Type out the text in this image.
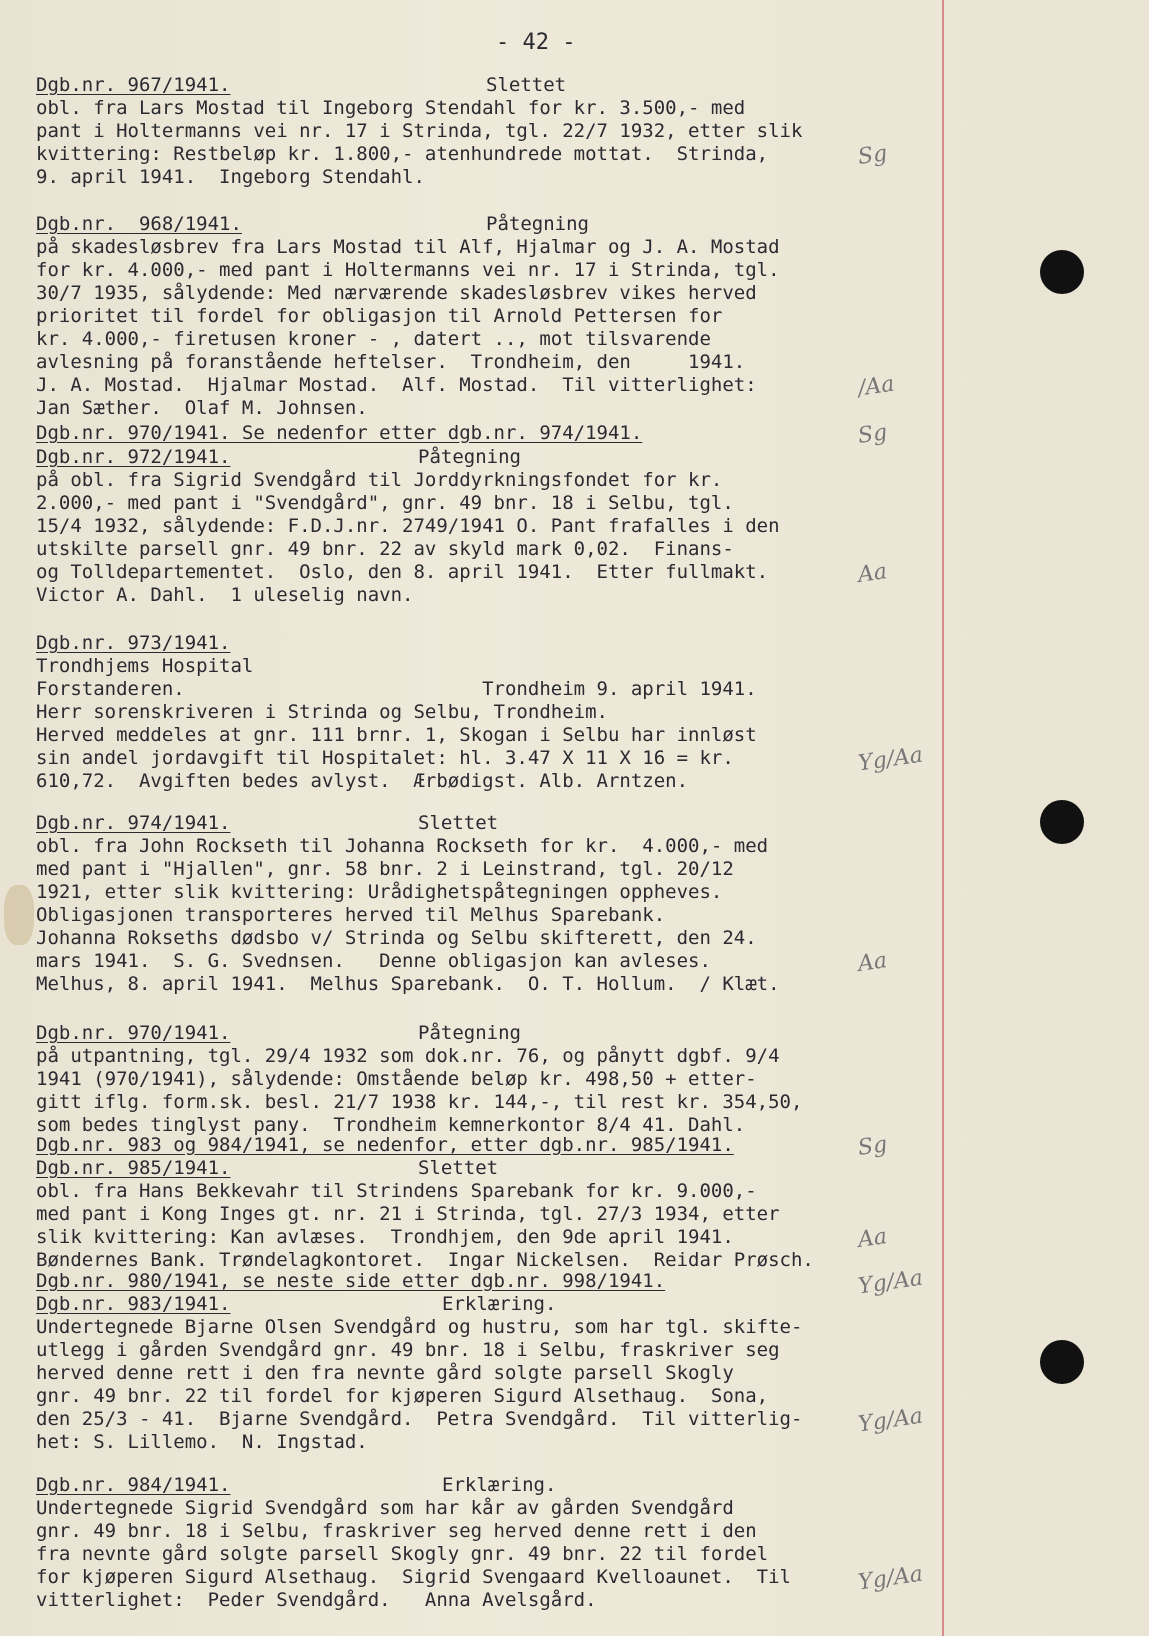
- 42 -
Dgb.nr. 967/1941.	Slettet
obl. fra Lars Mostad til Ingeborg Stendahl for kr. 3.500,- med
pant i Holtermanns vei nr. 17 i Strinda, tgl. 22/7 1932, etter slik
kvittering: Restbeløp kr. 1.800,- atenhundrede mottat.  Strinda,
9. april 1941.  Ingeborg Stendahl.
Sg
Dgb.nr.  968/1941.	Påtegning
på skadesløsbrev fra Lars Mostad til Alf, Hjalmar og J. A. Mostad
for kr. 4.000,- med pant i Holtermanns vei nr. 17 i Strinda, tgl.
30/7 1935, sålydende: Med nærværende skadesløsbrev vikes herved
prioritet til fordel for obligasjon til Arnold Pettersen for
kr. 4.000,- firetusen kroner - , datert .., mot tilsvarende
avlesning på foranstående heftelser.  Trondheim, den     1941.
J. A. Mostad.  Hjalmar Mostad.  Alf. Mostad.  Til vitterlighet:
Jan Sæther.  Olaf M. Johnsen.
/Aa
Dgb.nr. 970/1941. Se nedenfor etter dgb.nr. 974/1941.	Sg
Dgb.nr. 972/1941.	Påtegning
på obl. fra Sigrid Svendgård til Jorddyrkningsfondet for kr.
2.000,- med pant i "Svendgård", gnr. 49 bnr. 18 i Selbu, tgl.
15/4 1932, sålydende: F.D.J.nr. 2749/1941 O. Pant frafalles i den
utskilte parsell gnr. 49 bnr. 22 av skyld mark 0,02.  Finans-
og Tolldepartementet.  Oslo, den 8. april 1941.  Etter fullmakt.
Victor A. Dahl.  1 uleselig navn.
Aa
Dgb.nr. 973/1941.
Trondhjems Hospital
Forstanderen.                          Trondheim 9. april 1941.
Herr sorenskriveren i Strinda og Selbu, Trondheim.
Herved meddeles at gnr. 111 brnr. 1, Skogan i Selbu har innløst
sin andel jordavgift til Hospitalet: hl. 3.47 X 11 X 16 = kr.
610,72.  Avgiften bedes avlyst.  Ærbødigst. Alb. Arntzen.
Yg/Aa
Dgb.nr. 974/1941.	Slettet
obl. fra John Rockseth til Johanna Rockseth for kr.  4.000,- med
med pant i "Hjallen", gnr. 58 bnr. 2 i Leinstrand, tgl. 20/12
1921, etter slik kvittering: Urådighetspåtegningen oppheves.
Obligasjonen transporteres herved til Melhus Sparebank.
Johanna Rokseths dødsbo v/ Strinda og Selbu skifterett, den 24.
mars 1941.  S. G. Svednsen.   Denne obligasjon kan avleses.
Melhus, 8. april 1941.  Melhus Sparebank.  O. T. Hollum.  / Klæt.
Aa
Dgb.nr. 970/1941.	Påtegning
på utpantning, tgl. 29/4 1932 som dok.nr. 76, og pånytt dgbf. 9/4
1941 (970/1941), sålydende: Omstående beløp kr. 498,50 + etter-
gitt iflg. form.sk. besl. 21/7 1938 kr. 144,-, til rest kr. 354,50,
som bedes tinglyst pany.  Trondheim kemnerkontor 8/4 41. Dahl.
Dgb.nr. 983 og 984/1941, se nedenfor, etter dgb.nr. 985/1941.	Sg
Dgb.nr. 985/1941.	Slettet
obl. fra Hans Bekkevahr til Strindens Sparebank for kr. 9.000,-
med pant i Kong Inges gt. nr. 21 i Strinda, tgl. 27/3 1934, etter
slik kvittering: Kan avlæses.  Trondhjem, den 9de april 1941.
Bøndernes Bank. Trøndelagkontoret.  Ingar Nickelsen.  Reidar Prøsch.
Aa
Dgb.nr. 980/1941, se neste side etter dgb.nr. 998/1941.	Yg/Aa
Dgb.nr. 983/1941.	Erklæring.
Undertegnede Bjarne Olsen Svendgård og hustru, som har tgl. skifte-
utlegg i gården Svendgård gnr. 49 bnr. 18 i Selbu, fraskriver seg
herved denne rett i den fra nevnte gård solgte parsell Skogly
gnr. 49 bnr. 22 til fordel for kjøperen Sigurd Alsethaug.  Sona,
den 25/3 - 41.  Bjarne Svendgård.  Petra Svendgård.  Til vitterlig-
het: S. Lillemo.  N. Ingstad.
Yg/Aa
Dgb.nr. 984/1941.	Erklæring.
Undertegnede Sigrid Svendgård som har kår av gården Svendgård
gnr. 49 bnr. 18 i Selbu, fraskriver seg herved denne rett i den
fra nevnte gård solgte parsell Skogly gnr. 49 bnr. 22 til fordel
for kjøperen Sigurd Alsethaug.  Sigrid Svengaard Kvelloaunet.  Til
vitterlighet:  Peder Svendgård.   Anna Avelsgård.
Yg/Aa
